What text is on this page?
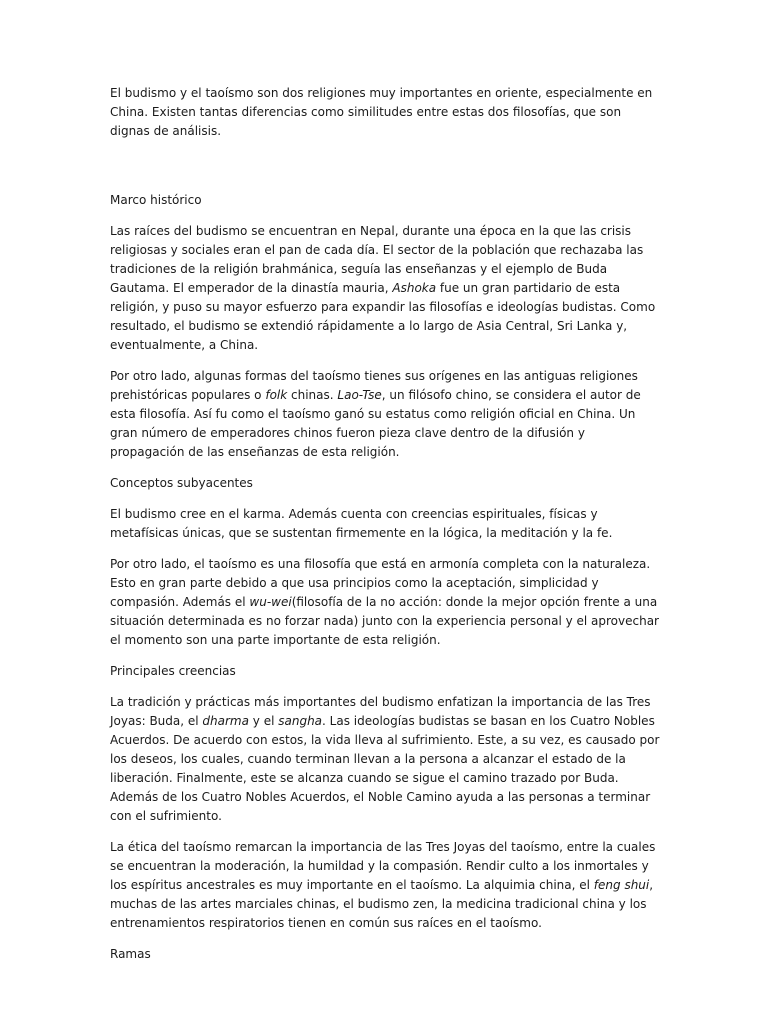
El budismo y el taoísmo son dos religiones muy importantes en oriente, especialmente en China. Existen tantas diferencias como similitudes entre estas dos filosofías, que son dignas de análisis.

Marco histórico

Las raíces del budismo se encuentran en Nepal, durante una época en la que las crisis religiosas y sociales eran el pan de cada día. El sector de la población que rechazaba las tradiciones de la religión brahmánica, seguía las enseñanzas y el ejemplo de Buda Gautama. El emperador de la dinastía mauria, Ashoka fue un gran partidario de esta religión, y puso su mayor esfuerzo para expandir las filosofías e ideologías budistas. Como resultado, el budismo se extendió rápidamente a lo largo de Asia Central, Sri Lanka y, eventualmente, a China.

Por otro lado, algunas formas del taoísmo tienes sus orígenes en las antiguas religiones prehistóricas populares o folk chinas. Lao-Tse, un filósofo chino, se considera el autor de esta filosofía. Así fu como el taoísmo ganó su estatus como religión oficial en China. Un gran número de emperadores chinos fueron pieza clave dentro de la difusión y propagación de las enseñanzas de esta religión.

Conceptos subyacentes

El budismo cree en el karma. Además cuenta con creencias espirituales, físicas y metafísicas únicas, que se sustentan firmemente en la lógica, la meditación y la fe.

Por otro lado, el taoísmo es una filosofía que está en armonía completa con la naturaleza. Esto en gran parte debido a que usa principios como la aceptación, simplicidad y compasión. Además el wu-wei(filosofía de la no acción: donde la mejor opción frente a una situación determinada es no forzar nada) junto con la experiencia personal y el aprovechar el momento son una parte importante de esta religión.

Principales creencias

La tradición y prácticas más importantes del budismo enfatizan la importancia de las Tres Joyas: Buda, el dharma y el sangha. Las ideologías budistas se basan en los Cuatro Nobles Acuerdos. De acuerdo con estos, la vida lleva al sufrimiento. Este, a su vez, es causado por los deseos, los cuales, cuando terminan llevan a la persona a alcanzar el estado de la liberación. Finalmente, este se alcanza cuando se sigue el camino trazado por Buda. Además de los Cuatro Nobles Acuerdos, el Noble Camino ayuda a las personas a terminar con el sufrimiento.

La ética del taoísmo remarcan la importancia de las Tres Joyas del taoísmo, entre la cuales se encuentran la moderación, la humildad y la compasión. Rendir culto a los inmortales y los espíritus ancestrales es muy importante en el taoísmo. La alquimia china, el feng shui, muchas de las artes marciales chinas, el budismo zen, la medicina tradicional china y los entrenamientos respiratorios tienen en común sus raíces en el taoísmo.

Ramas
